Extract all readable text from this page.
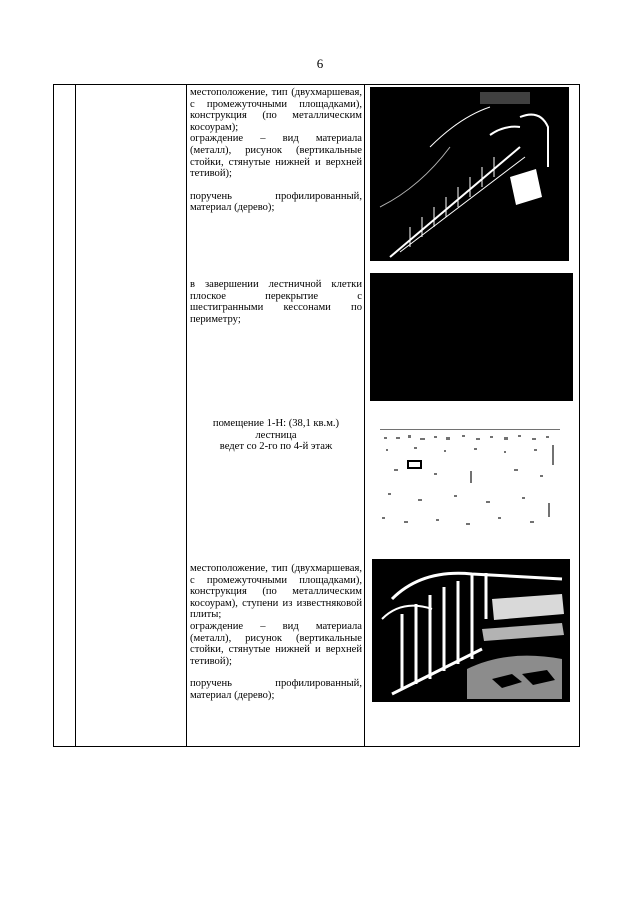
6

местоположение, тип (двухмаршевая, с промежуточными площадками), конструкция (по металлическим косоурам);

ограждение – вид материала (металл), рисунок (вертикальные стойки, стянутые нижней и верхней тетивой);

поручень профилированный, материал (дерево);

в завершении лестничной клетки плоское перекрытие с шестигранными кессонами по периметру;

помещение 1-Н: (38,1 кв.м.)
лестница
ведет со 2-го по 4-й этаж

местоположение, тип (двухмаршевая, с промежуточными площадками), конструкция (по металлическим косоурам), ступени из известняковой плиты;

ограждение – вид материала (металл), рисунок (вертикальные стойки, стянутые нижней и верхней тетивой);

поручень профилированный, материал (дерево);
